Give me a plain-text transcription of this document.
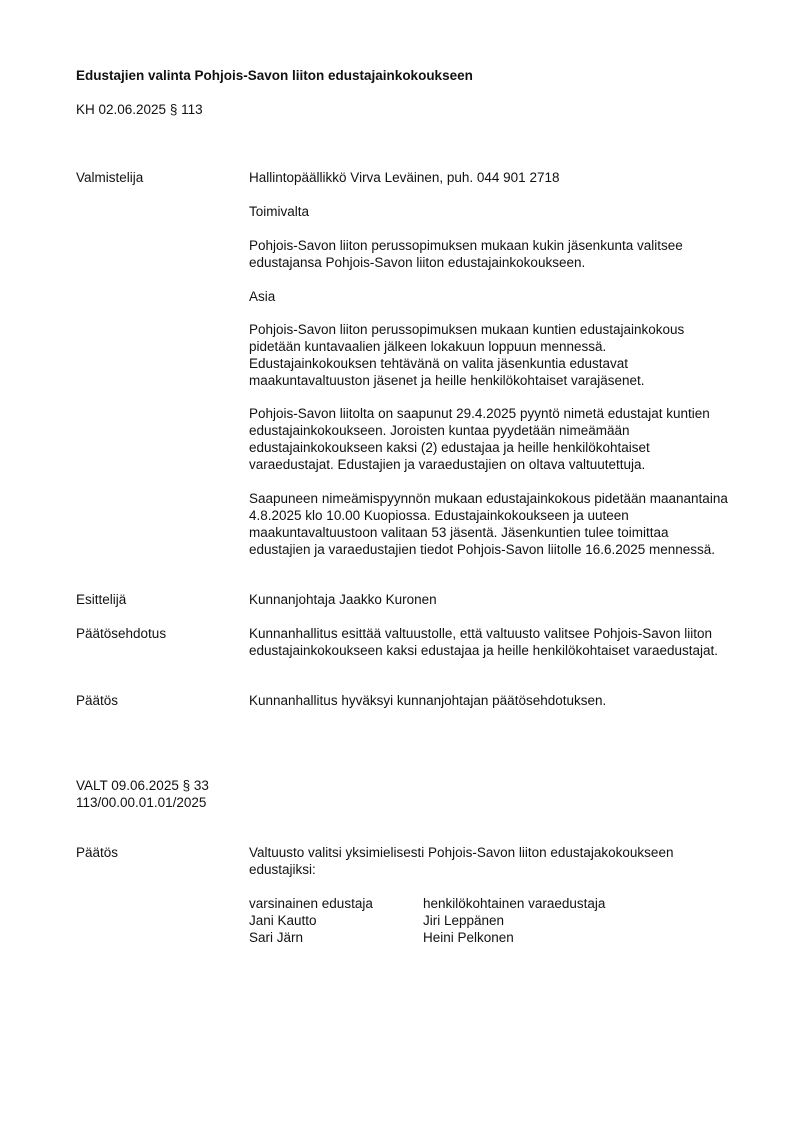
Edustajien valinta Pohjois-Savon liiton edustajainkokoukseen
KH 02.06.2025 § 113
Valmistelija	Hallintopäällikkö Virva Leväinen, puh. 044 901 2718
Toimivalta
Pohjois-Savon liiton perussopimuksen mukaan kukin jäsenkunta valitsee edustajansa Pohjois-Savon liiton edustajainkokoukseen.
Asia
Pohjois-Savon liiton perussopimuksen mukaan kuntien edustajainkokous pidetään kuntavaalien jälkeen lokakuun loppuun mennessä. Edustajainkokouksen tehtävänä on valita jäsenkuntia edustavat maakuntavaltuuston jäsenet ja heille henkilökohtaiset varajäsenet.
Pohjois-Savon liitolta on saapunut 29.4.2025 pyyntö nimetä edustajat kuntien edustajainkokoukseen. Joroisten kuntaa pyydetään nimeämään edustajainkokoukseen kaksi (2) edustajaa ja heille henkilökohtaiset varaedustajat. Edustajien ja varaedustajien on oltava valtuutettuja.
Saapuneen nimeämispyynnön mukaan edustajainkokous pidetään maanantaina 4.8.2025 klo 10.00 Kuopiossa. Edustajainkokoukseen ja uuteen maakuntavaltuustoon valitaan 53 jäsentä. Jäsenkuntien tulee toimittaa edustajien ja varaedustajien tiedot Pohjois-Savon liitolle 16.6.2025 mennessä.
Esittelijä	Kunnanjohtaja Jaakko Kuronen
Päätösehdotus	Kunnanhallitus esittää valtuustolle, että valtuusto valitsee Pohjois-Savon liiton edustajainkokoukseen kaksi edustajaa ja heille henkilökohtaiset varaedustajat.
Päätös	Kunnanhallitus hyväksyi kunnanjohtajan päätösehdotuksen.
VALT 09.06.2025 § 33
113/00.00.01.01/2025
Päätös	Valtuusto valitsi yksimielisesti Pohjois-Savon liiton edustajakokoukseen edustajiksi:
varsinainen edustaja	henkilökohtainen varaedustaja
Jani Kautto	Jiri Leppänen
Sari Järn	Heini Pelkonen
